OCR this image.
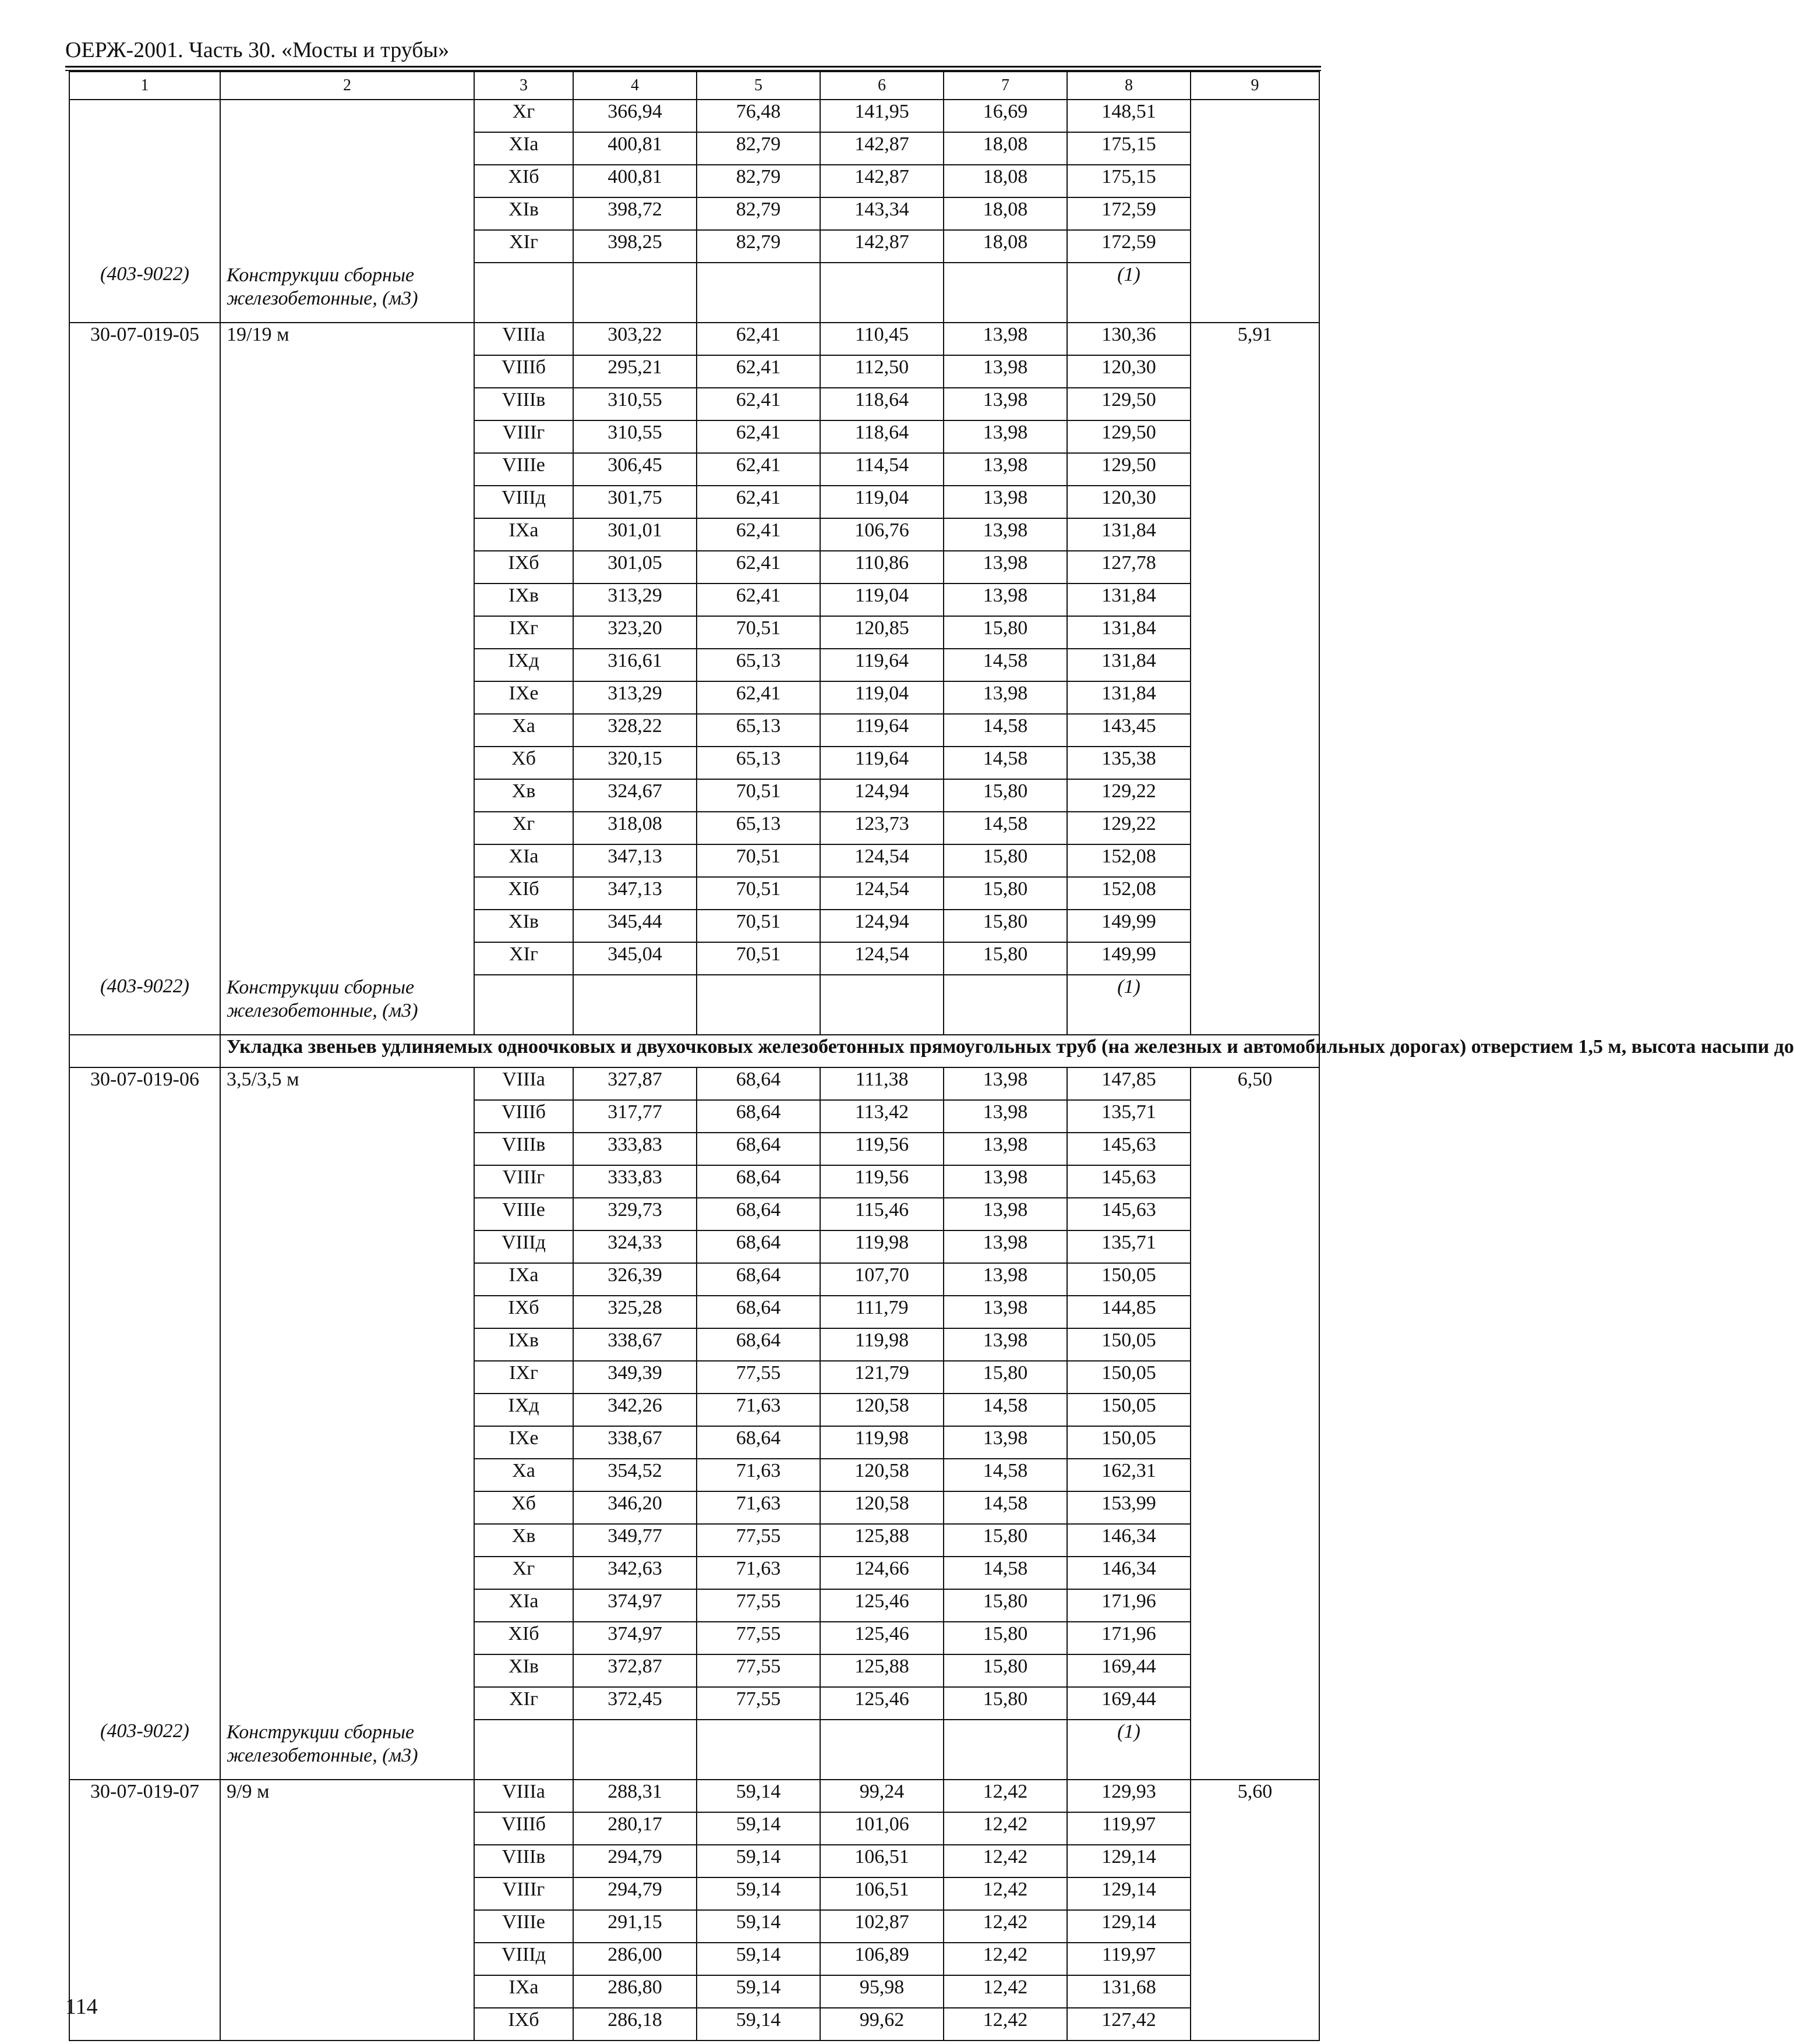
ОЕРЖ-2001. Часть 30. «Мосты и трубы»
1	2	3	4	5	6	7	8	9
		Xг	366,94	76,48	141,95	16,69	148,51	
		XIа	400,81	82,79	142,87	18,08	175,15	
		XIб	400,81	82,79	142,87	18,08	175,15	
		XIв	398,72	82,79	143,34	18,08	172,59	
		XIг	398,25	82,79	142,87	18,08	172,59	
(403-9022)	Конструкции сборные железобетонные, (м3)						(1)	
30-07-019-05	19/19 м	VIIIа	303,22	62,41	110,45	13,98	130,36	5,91
		VIIIб	295,21	62,41	112,50	13,98	120,30	
		VIIIв	310,55	62,41	118,64	13,98	129,50	
		VIIIг	310,55	62,41	118,64	13,98	129,50	
		VIIIе	306,45	62,41	114,54	13,98	129,50	
		VIIIд	301,75	62,41	119,04	13,98	120,30	
		IXа	301,01	62,41	106,76	13,98	131,84	
		IXб	301,05	62,41	110,86	13,98	127,78	
		IXв	313,29	62,41	119,04	13,98	131,84	
		IXг	323,20	70,51	120,85	15,80	131,84	
		IXд	316,61	65,13	119,64	14,58	131,84	
		IXе	313,29	62,41	119,04	13,98	131,84	
		Xа	328,22	65,13	119,64	14,58	143,45	
		Xб	320,15	65,13	119,64	14,58	135,38	
		Xв	324,67	70,51	124,94	15,80	129,22	
		Xг	318,08	65,13	123,73	14,58	129,22	
		XIа	347,13	70,51	124,54	15,80	152,08	
		XIб	347,13	70,51	124,54	15,80	152,08	
		XIв	345,44	70,51	124,94	15,80	149,99	
		XIг	345,04	70,51	124,54	15,80	149,99	
(403-9022)	Конструкции сборные железобетонные, (м3)						(1)	
	Укладка звеньев удлиняемых одноочковых и двухочковых железобетонных прямоугольных труб (на железных и автомобильных дорогах) отверстием 1,5 м, высота насыпи до							
30-07-019-06	3,5/3,5 м	VIIIа	327,87	68,64	111,38	13,98	147,85	6,50
		VIIIб	317,77	68,64	113,42	13,98	135,71	
		VIIIв	333,83	68,64	119,56	13,98	145,63	
		VIIIг	333,83	68,64	119,56	13,98	145,63	
		VIIIе	329,73	68,64	115,46	13,98	145,63	
		VIIIд	324,33	68,64	119,98	13,98	135,71	
		IXа	326,39	68,64	107,70	13,98	150,05	
		IXб	325,28	68,64	111,79	13,98	144,85	
		IXв	338,67	68,64	119,98	13,98	150,05	
		IXг	349,39	77,55	121,79	15,80	150,05	
		IXд	342,26	71,63	120,58	14,58	150,05	
		IXе	338,67	68,64	119,98	13,98	150,05	
		Xа	354,52	71,63	120,58	14,58	162,31	
		Xб	346,20	71,63	120,58	14,58	153,99	
		Xв	349,77	77,55	125,88	15,80	146,34	
		Xг	342,63	71,63	124,66	14,58	146,34	
		XIа	374,97	77,55	125,46	15,80	171,96	
		XIб	374,97	77,55	125,46	15,80	171,96	
		XIв	372,87	77,55	125,88	15,80	169,44	
		XIг	372,45	77,55	125,46	15,80	169,44	
(403-9022)	Конструкции сборные железобетонные, (м3)						(1)	
30-07-019-07	9/9 м	VIIIа	288,31	59,14	99,24	12,42	129,93	5,60
		VIIIб	280,17	59,14	101,06	12,42	119,97	
		VIIIв	294,79	59,14	106,51	12,42	129,14	
		VIIIг	294,79	59,14	106,51	12,42	129,14	
		VIIIе	291,15	59,14	102,87	12,42	129,14	
		VIIIд	286,00	59,14	106,89	12,42	119,97	
		IXа	286,80	59,14	95,98	12,42	131,68	
		IXб	286,18	59,14	99,62	12,42	127,42	
114
